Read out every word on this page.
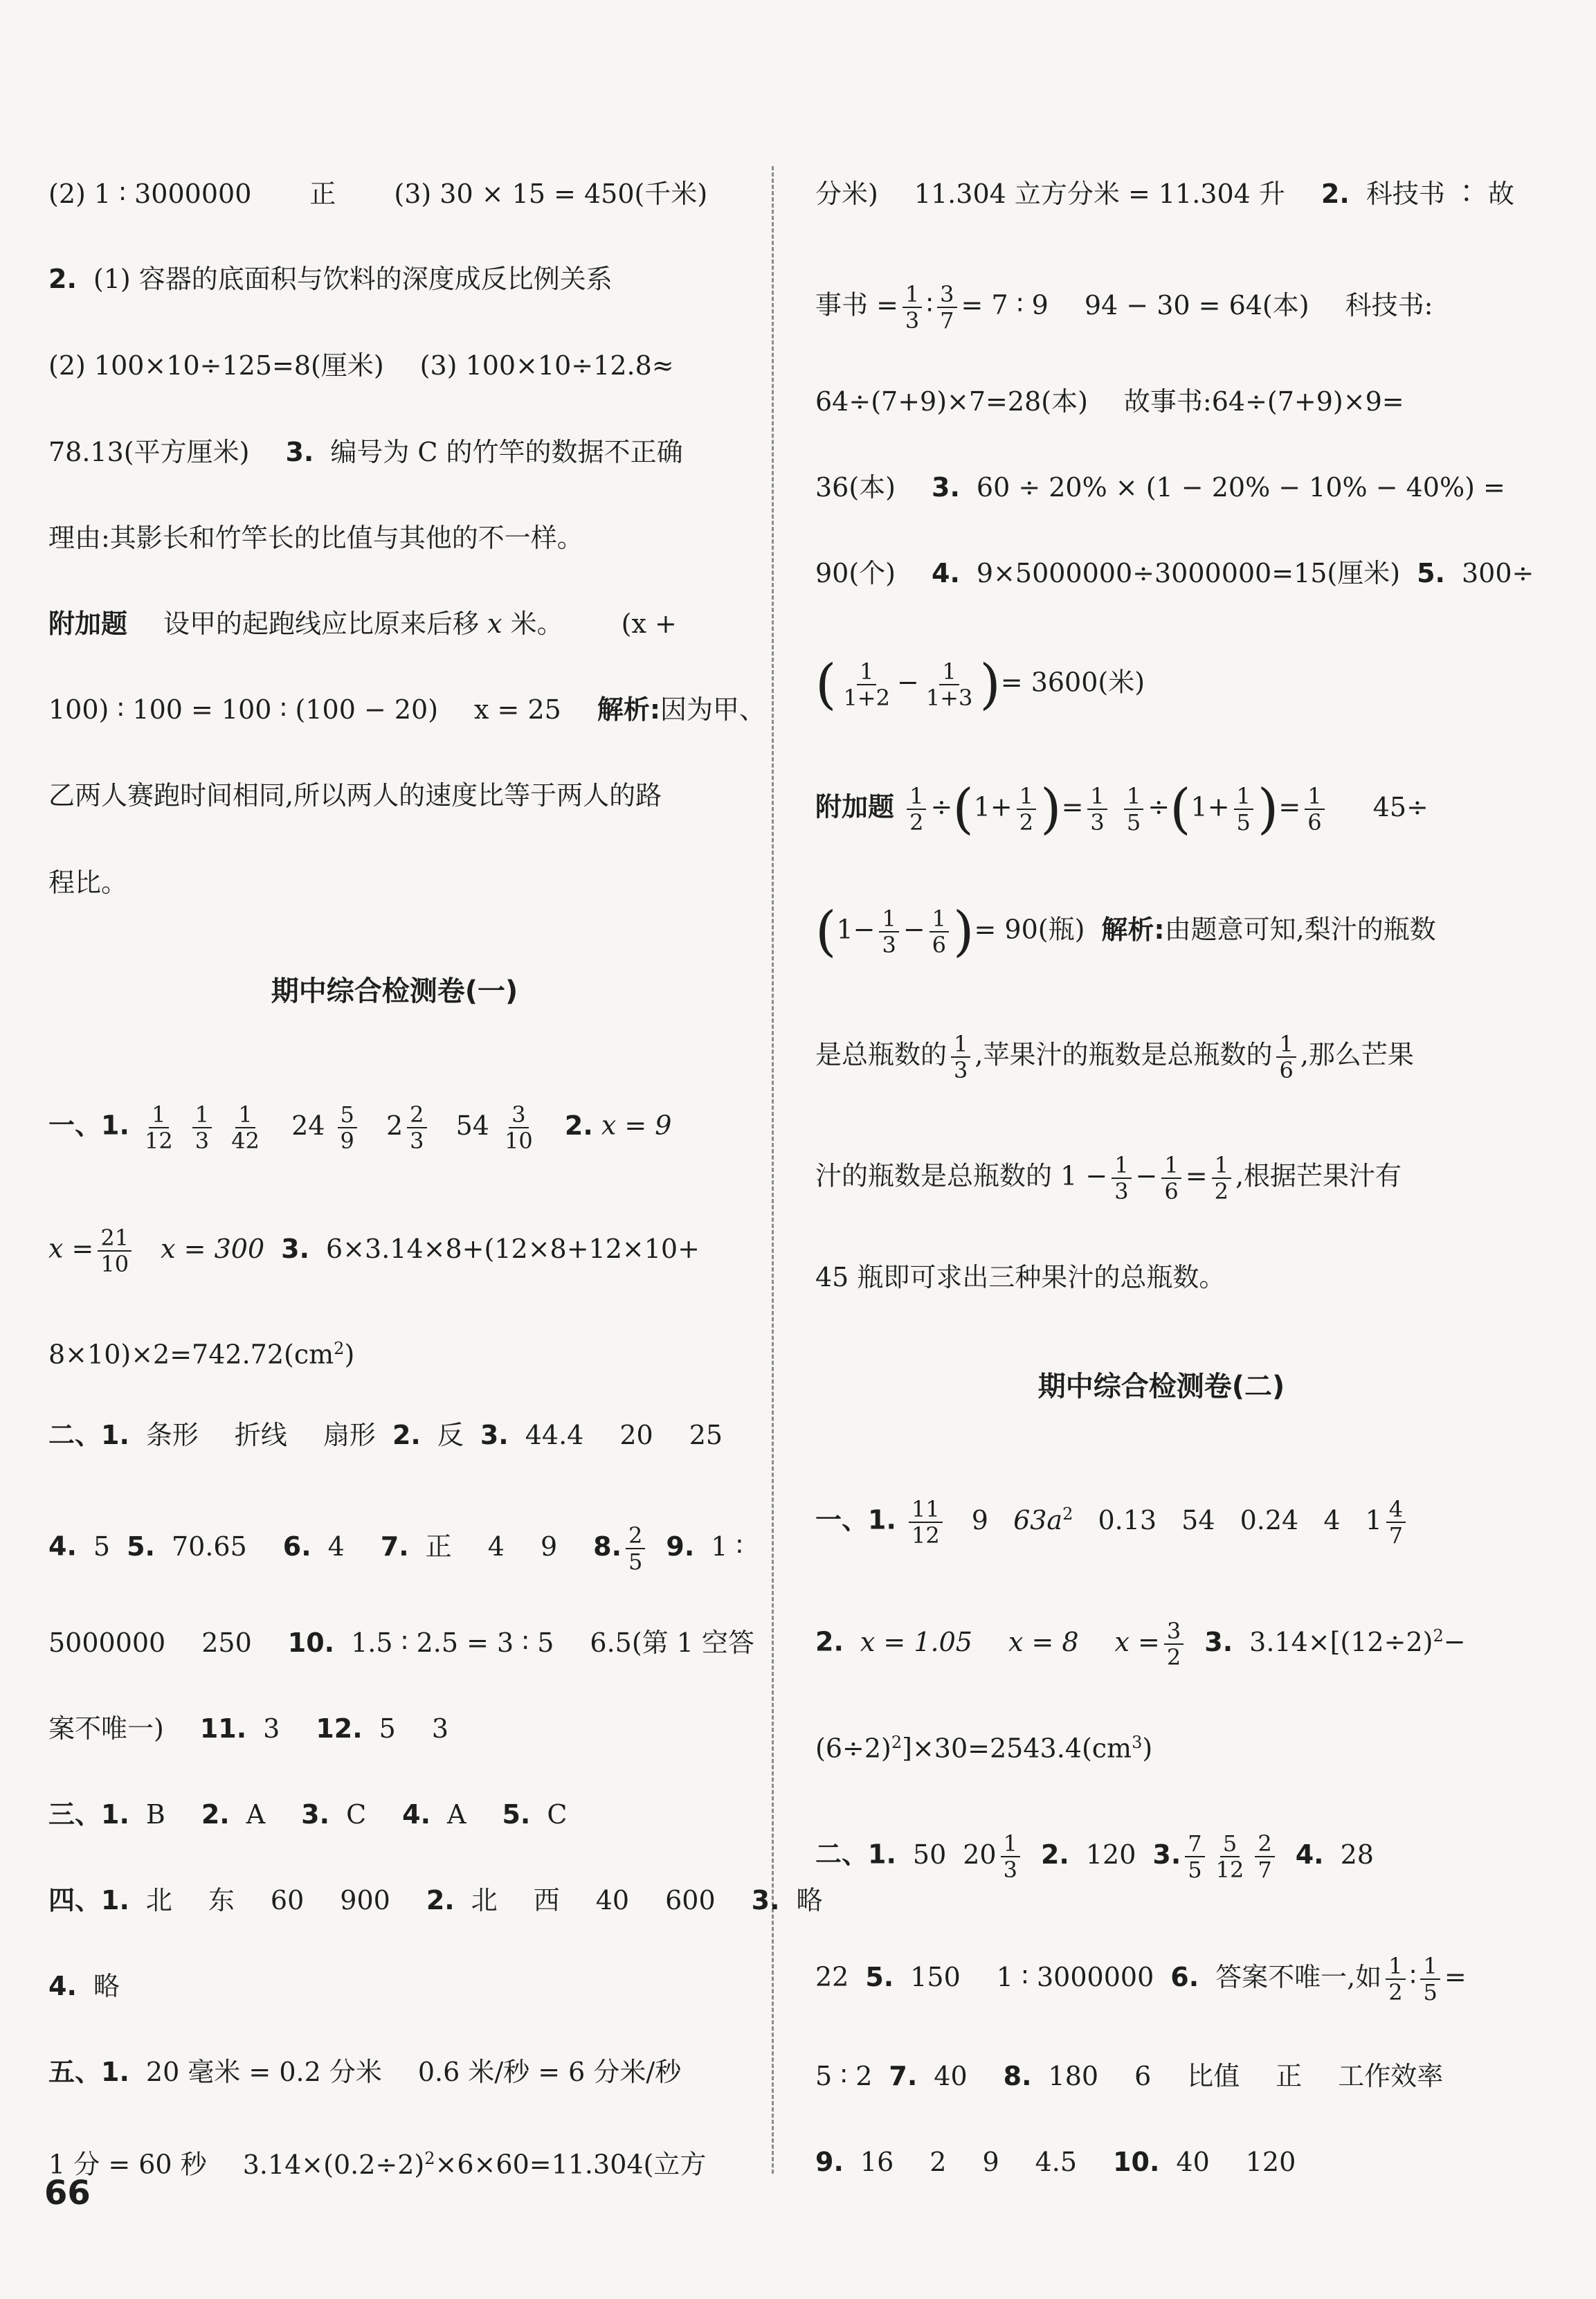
(2) 1 ∶ 3000000 正 (3) 30 × 15 = 450(千米)
2. (1) 容器的底面积与饮料的深度成反比例关系
(2) 100×10÷125=8(厘米) (3) 100×10÷12.8≈
78.13(平方厘米) 3. 编号为 C 的竹竿的数据不正确
理由:其影长和竹竿长的比值与其他的不一样。
附加题 设甲的起跑线应比原来后移 x 米。 (x +
100) ∶ 100 = 100 ∶ (100 − 20) x = 25 解析:因为甲、
乙两人赛跑时间相同,所以两人的速度比等于两人的路
程比。
期中综合检测卷(一)
一、1. $\frac{1}{12}$
$\frac{1}{3}$
$\frac{1}{42} 24 \frac{5}{9} 2 \frac{2}{3} 54 \frac{3}{10} 2$. x = 9
$x = \frac{21}{10}$ x = 300 3. 6×3.14×8+(12×8+12×10+
$8\times 10)\times 2=742.72(cm^2)$
二、1. 条形 折线 扇形 2. 反 3. 44.4 20 25
4. 5 5. 70.65 6. 4 7. 正 4 9 8. $\frac{2}{5} 9$. 1 ∶
5000000 250 10. 1.5 ∶ 2.5 = 3 ∶ 5 6.5(第 1 空答
案不唯一) 11. 3 12. 5 3
三、1. B 2. A 3. C 4. A 5. C
四、1. 北 东 60 900 2. 北 西 40 600 3. 略
4. 略
五、1. 20 毫米 = 0.2 分米 0.6 米/秒 = 6 分米/秒
1 分 = 60 秒 $3.14\times(0.2\div 2)^2\times 6\times 60=11.304$(立方
66
分米) 11.304 立方分米 = 11.304 升 2. 科技书 ∶ 故
事书 = $\frac{1}{3}$ ∶ $\frac{3}{7} = 7$ ∶ 9 94 − 30 = 64(本) 科技书:
64÷(7+9)×7=28(本) 故事书:64÷(7+9)×9=
36(本) 3. 60 ÷ 20% × (1 − 20% − 10% − 40%) =
90(个) 4. 9×5000000÷3000000=15(厘米) 5. 300÷
( $\frac{1}{1+2} - \frac{1}{1+3}$ )= 3600(米)
附加题 $\frac{1}{2} \div(1+ \frac{1}{2}$ )= $\frac{1}{3}$
$\frac{1}{5} \div(1+ \frac{1}{5}$ )= $\frac{1}{6} 45\div$
($1- \frac{1}{3} - \frac{1}{6}$ )= 90(瓶) 解析:由题意可知,梨汁的瓶数
是总瓶数的 $\frac{1}{3}$ ,苹果汁的瓶数是总瓶数的 $\frac{1}{6}$ ,那么芒果
汁的瓶数是总瓶数的 $1 - \frac{1}{3} - \frac{1}{6} = \frac{1}{2}$ ,根据芒果汁有
45 瓶即可求出三种果汁的总瓶数。
期中综合检测卷(二)
一、1. $\frac{11}{12} 9$ $63a^2$ 0.13 54 0.24 4 $1 \frac{4}{7}$
2. x = 1.05 x = 8 $x = \frac{3}{2} 3$. $3.14\times[(12\div 2)^2-$
$(6\div 2)^2]\times 30=2543.4(cm^3)$
二、1. 50 $20 \frac{1}{3} 2$. 120 3. $\frac{7}{5} \frac{5}{12} \frac{2}{7} 4$. 28
22 5. 150 1 ∶ 3000000 6. 答案不唯一,如 $\frac{1}{2}$ ∶ $\frac{1}{5}$ =
5 ∶ 2 7. 40 8. 180 6 比值 正 工作效率
9. 16 2 9 4.5 10. 40 120
